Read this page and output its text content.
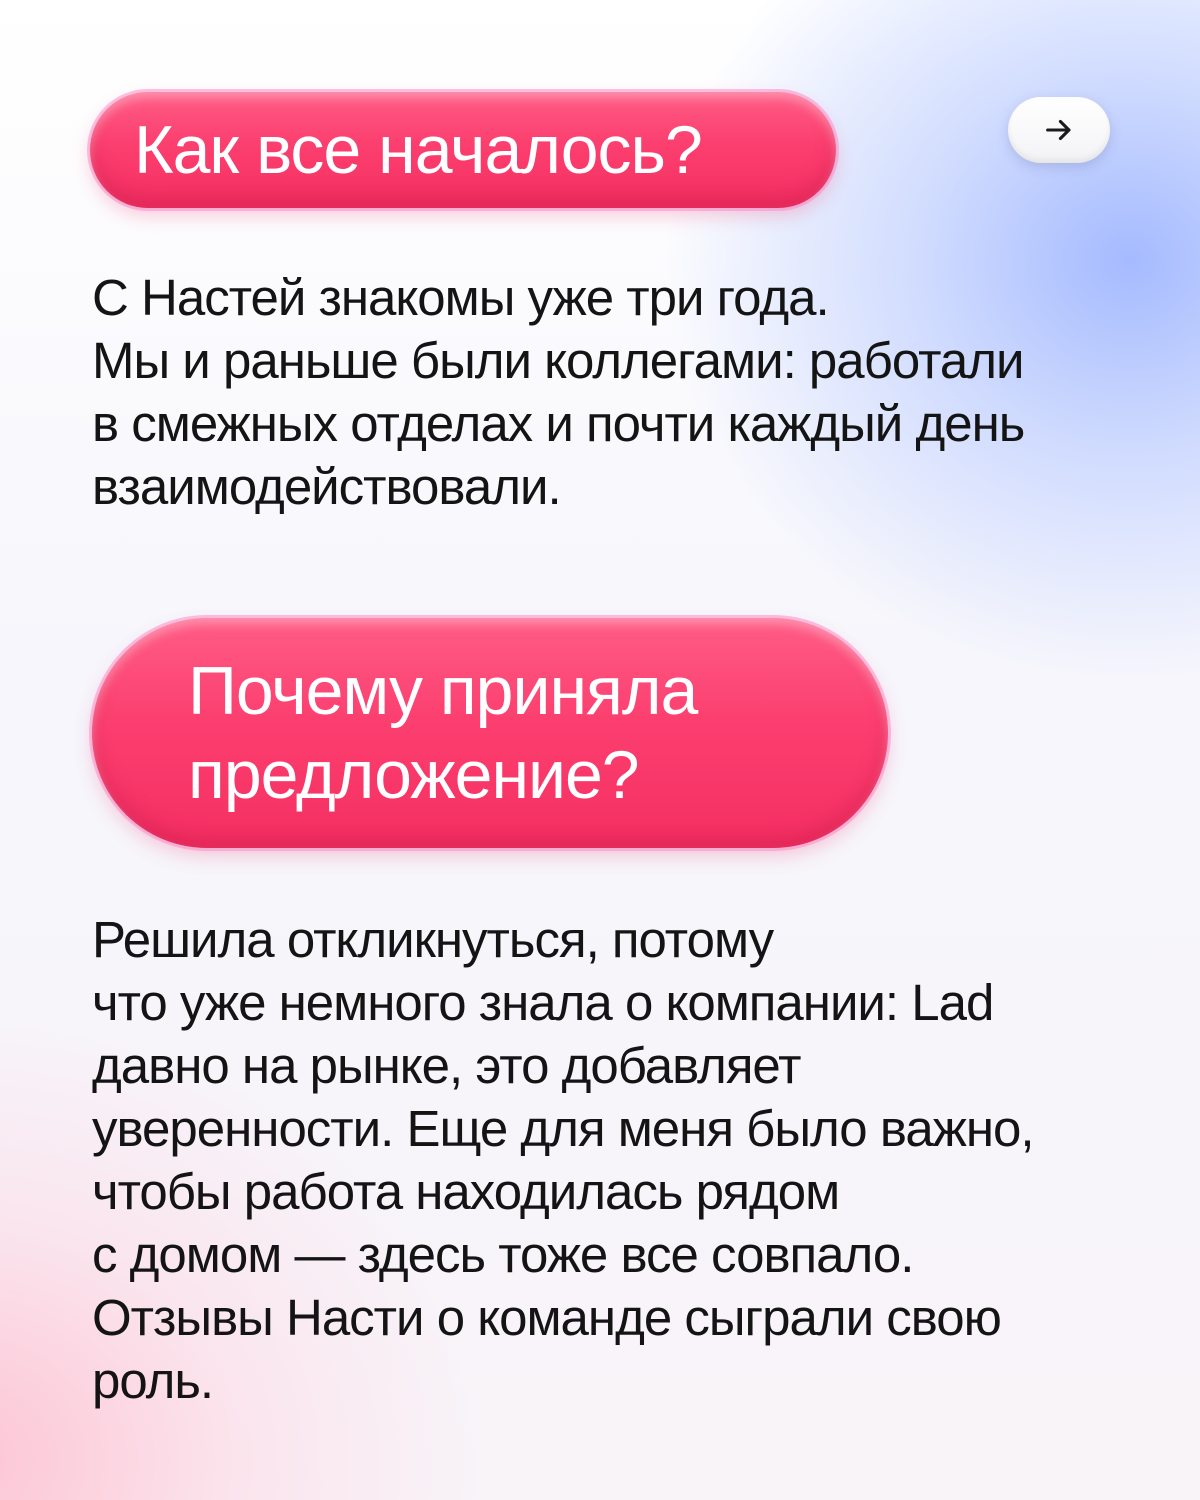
Как все началось?

С Настей знакомы уже три года.
Мы и раньше были коллегами: работали
в смежных отделах и почти каждый день
взаимодействовали.

Почему приняла
предложение?

Решила откликнуться, потому
что уже немного знала о компании: Lad
давно на рынке, это добавляет
уверенности. Еще для меня было важно,
чтобы работа находилась рядом
с домом — здесь тоже все совпало.
Отзывы Насти о команде сыграли свою
роль.
